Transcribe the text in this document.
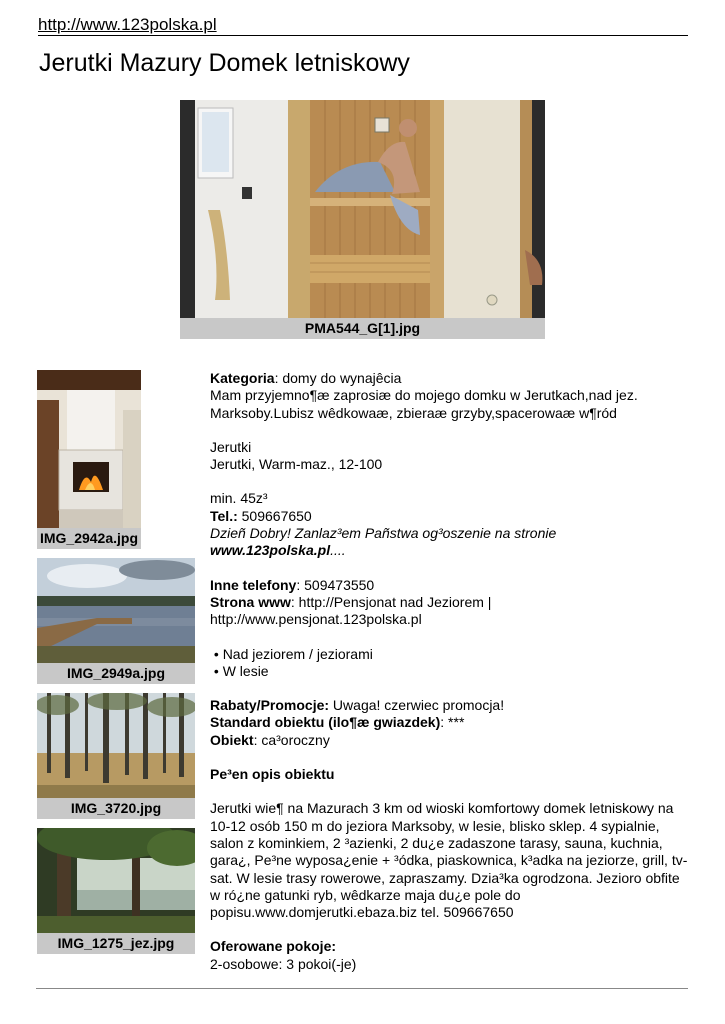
http://www.123polska.pl
Jerutki Mazury Domek letniskowy
PMA544_G[1].jpg
IMG_2942a.jpg
IMG_2949a.jpg
IMG_3720.jpg
IMG_1275_jez.jpg

Kategoria: domy do wynajêcia

Mam przyjemno¶æ zaprosiæ do mojego domku w Jerutkach,nad jez. Marksoby.Lubisz wêdkowaæ, zbieraæ grzyby,spacerowaæ w¶ród

Jerutki

Jerutki, Warm-maz., 12-100

min. 45z³

Tel.: 509667650

Dzieñ Dobry! Zanlaz³em Pañstwa og³oszenie na stronie www.123polska.pl....

Inne telefony: 509473550

Strona www: http://Pensjonat nad Jeziorem | http://www.pensjonat.123polska.pl

• Nad jeziorem / jeziorami

• W lesie

Rabaty/Promocje: Uwaga! czerwiec promocja!

Standard obiektu (ilo¶æ gwiazdek): ***

Obiekt: ca³oroczny

Pe³en opis obiektu

Jerutki wie¶ na Mazurach 3 km od wioski komfortowy domek letniskowy na 10-12 osób 150 m do jeziora Marksoby, w lesie, blisko sklep. 4 sypialnie, salon z kominkiem, 2 ³azienki, 2 du¿e zadaszone tarasy, sauna, kuchnia, gara¿, Pe³ne wyposa¿enie + ³ódka, piaskownica, k³adka na jeziorze, grill, tv-sat. W lesie trasy rowerowe, zapraszamy. Dzia³ka ogrodzona. Jezioro obfite w ró¿ne gatunki ryb, wêdkarze maja du¿e pole do popisu.www.domjerutki.ebaza.biz tel. 509667650

Oferowane pokoje:

2-osobowe: 3 pokoi(-je)
